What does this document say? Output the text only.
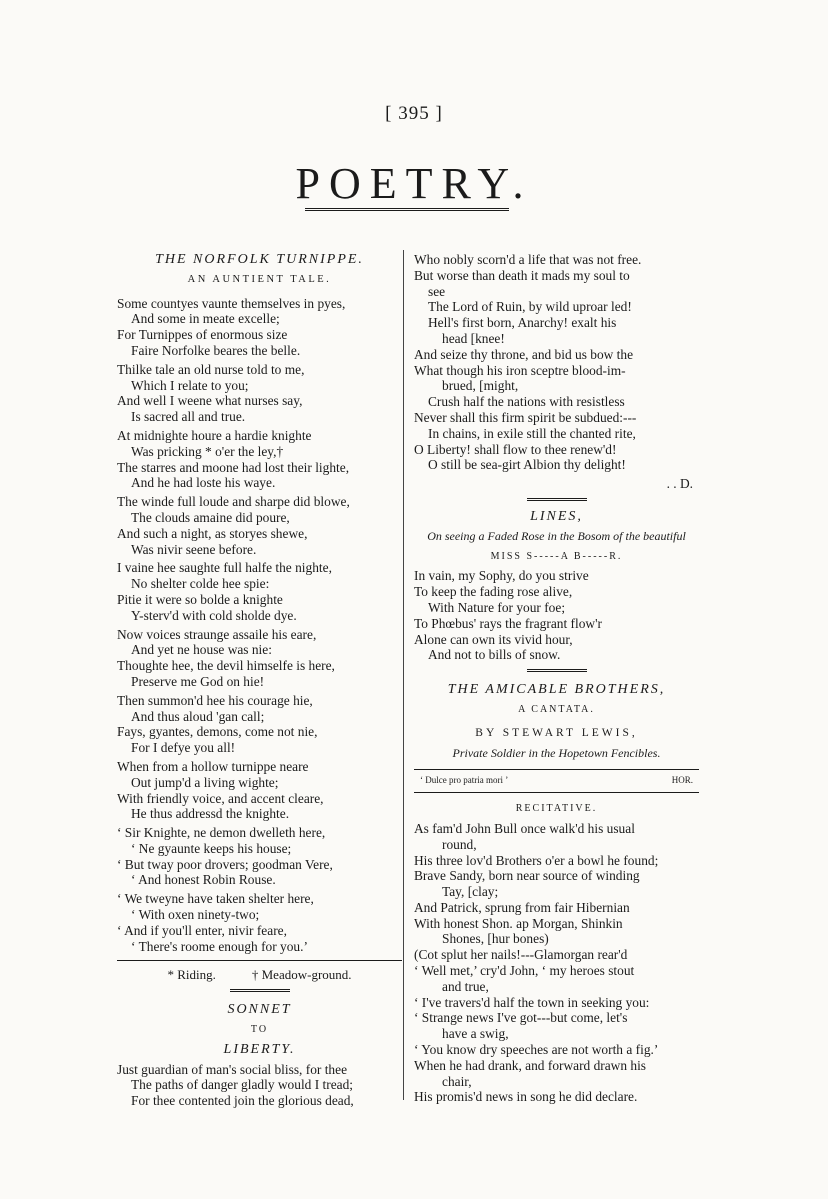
[ 395 ]
POETRY.
THE NORFOLK TURNIPPE.
AN AUNTIENT TALE.
Some countyes vaunte themselves in pyes,
And some in meate excelle;
For Turnippes of enormous size
Faire Norfolke beares the belle.
Thilke tale an old nurse told to me,
Which I relate to you;
And well I weene what nurses say,
Is sacred all and true.
At midnighte houre a hardie knighte
Was pricking * o'er the ley,†
The starres and moone had lost their lighte,
And he had loste his waye.
The winde full loude and sharpe did blowe,
The clouds amaine did poure,
And such a night, as storyes shewe,
Was nivir seene before.
I vaine hee saughte full halfe the nighte,
No shelter colde hee spie:
Pitie it were so bolde a knighte
Y-sterv'd with cold sholde dye.
Now voices straunge assaile his eare,
And yet ne house was nie:
Thoughte hee, the devil himselfe is here,
Preserve me God on hie!
Then summon'd hee his courage hie,
And thus aloud 'gan call;
Fays, gyantes, demons, come not nie,
For I defye you all!
When from a hollow turnippe neare
Out jump'd a living wighte;
With friendly voice, and accent cleare,
He thus addressd the knighte.
‘ Sir Knighte, ne demon dwelleth here,
‘ Ne gyaunte keeps his house;
‘ But tway poor drovers; goodman Vere,
‘ And honest Robin Rouse.
‘ We tweyne have taken shelter here,
‘ With oxen ninety-two;
‘ And if you'll enter, nivir feare,
‘ There's roome enough for you.’
* Riding.	† Meadow-ground.
SONNET
TO
LIBERTY.
Just guardian of man's social bliss, for thee
The paths of danger gladly would I tread;
For thee contented join the glorious dead,
Who nobly scorn'd a life that was not free.
But worse than death it mads my soul to
see
The Lord of Ruin, by wild uproar led!
Hell's first born, Anarchy! exalt his
head [knee!
And seize thy throne, and bid us bow the
What though his iron sceptre blood-im-
brued, [might,
Crush half the nations with resistless
Never shall this firm spirit be subdued:---
In chains, in exile still the chanted rite,
O Liberty! shall flow to thee renew'd!
O still be sea-girt Albion thy delight!
. . D.
LINES,
On seeing a Faded Rose in the Bosom of the beautiful
MISS S-----A B-----R.
In vain, my Sophy, do you strive
To keep the fading rose alive,
With Nature for your foe;
To Phœbus' rays the fragrant flow'r
Alone can own its vivid hour,
And not to bills of snow.
THE AMICABLE BROTHERS,
A CANTATA.
BY STEWART LEWIS,
Private Soldier in the Hopetown Fencibles.
‘ Dulce pro patria mori ’	HOR.
RECITATIVE.
As fam'd John Bull once walk'd his usual
round,
His three lov'd Brothers o'er a bowl he found;
Brave Sandy, born near source of winding
Tay, [clay;
And Patrick, sprung from fair Hibernian
With honest Shon. ap Morgan, Shinkin
Shones, [hur bones)
(Cot splut her nails!---Glamorgan rear'd
‘ Well met,’ cry'd John, ‘ my heroes stout
and true,
‘ I've travers'd half the town in seeking you:
‘ Strange news I've got---but come, let's
have a swig,
‘ You know dry speeches are not worth a fig.’
When he had drank, and forward drawn his
chair,
His promis'd news in song he did declare.
